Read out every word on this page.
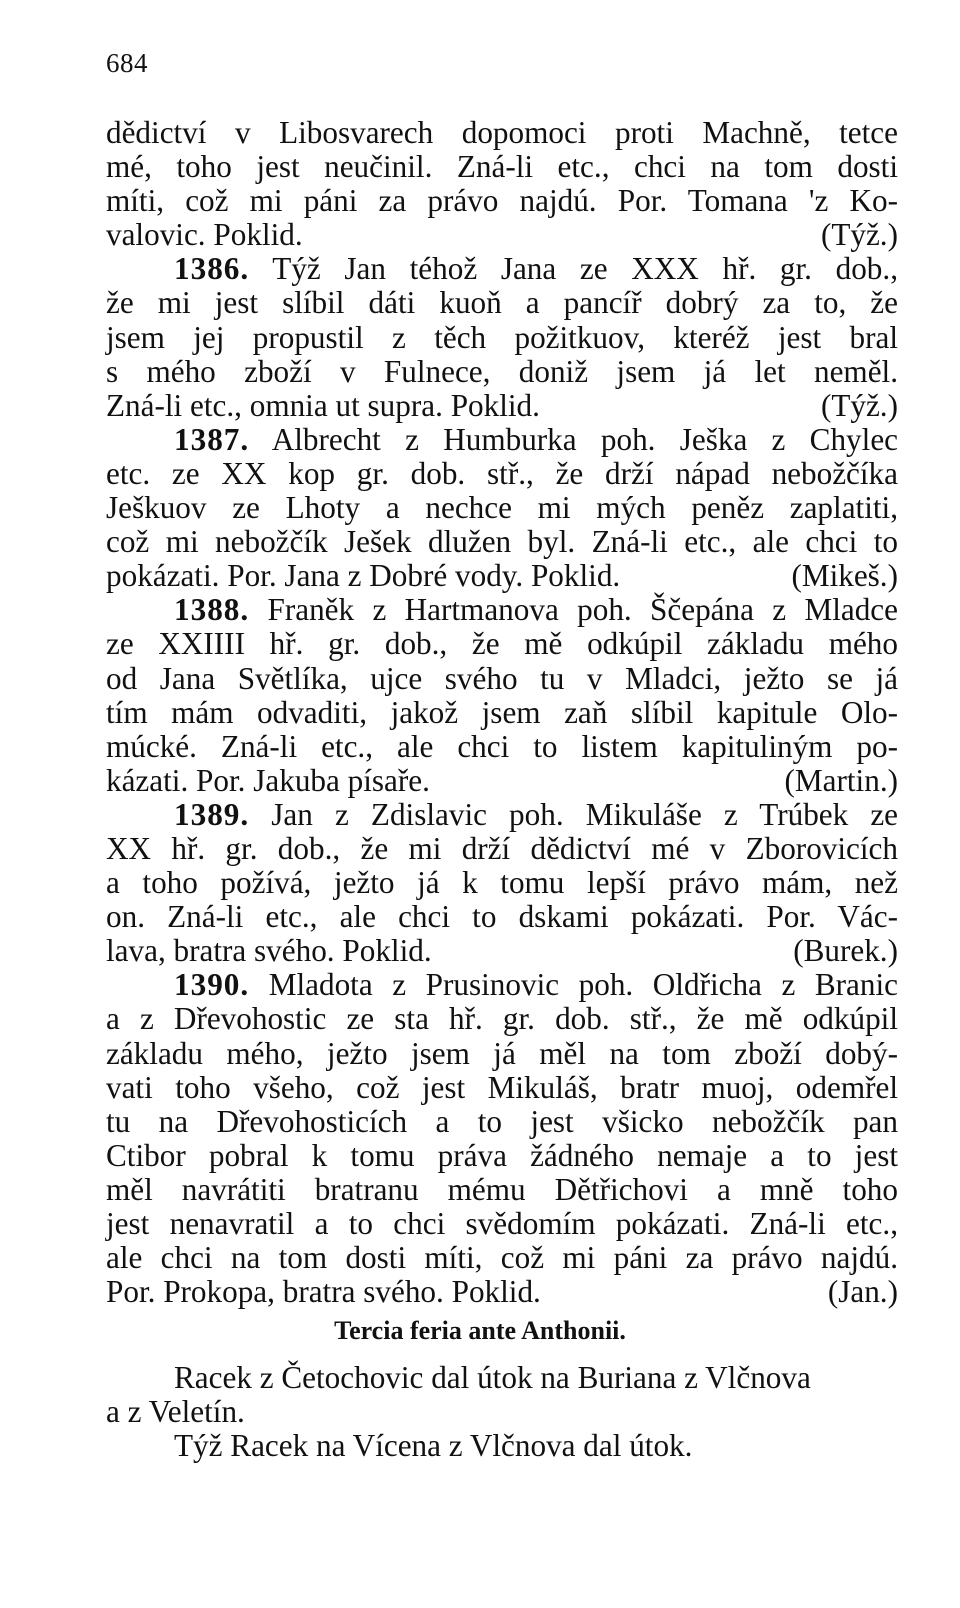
684
dědictví v Libosvarech dopomoci proti Machně, tetce
mé, toho jest neučinil. Zná-li etc., chci na tom dosti
míti, což mi páni za právo najdú. Por. Tomana 'z Ko-
valovic. Poklid.	(Týž.)
1386. Týž Jan téhož Jana ze XXX hř. gr. dob.,
že mi jest slíbil dáti kuoň a pancíř dobrý za to, že
jsem jej propustil z těch požitkuov, kteréž jest bral
s mého zboží v Fulnece, doniž jsem já let neměl.
Zná-li etc., omnia ut supra. Poklid.	(Týž.)
1387. Albrecht z Humburka poh. Ješka z Chylec
etc. ze XX kop gr. dob. stř., že drží nápad nebožčíka
Ješkuov ze Lhoty a nechce mi mých peněz zaplatiti,
což mi nebožčík Ješek dlužen byl. Zná-li etc., ale chci to
pokázati. Por. Jana z Dobré vody. Poklid.	(Mikeš.)
1388. Franěk z Hartmanova poh. Ščepána z Mladce
ze XXIIII hř. gr. dob., že mě odkúpil základu mého
od Jana Světlíka, ujce svého tu v Mladci, ježto se já
tím mám odvaditi, jakož jsem zaň slíbil kapitule Olo-
múcké. Zná-li etc., ale chci to listem kapituliným po-
kázati. Por. Jakuba písaře.	(Martin.)
1389. Jan z Zdislavic poh. Mikuláše z Trúbek ze
XX hř. gr. dob., že mi drží dědictví mé v Zborovicích
a toho požívá, ježto já k tomu lepší právo mám, než
on. Zná-li etc., ale chci to dskami pokázati. Por. Vác-
lava, bratra svého. Poklid.	(Burek.)
1390. Mladota z Prusinovic poh. Oldřicha z Branic
a z Dřevohostic ze sta hř. gr. dob. stř., že mě odkúpil
základu mého, ježto jsem já měl na tom zboží dobý-
vati toho všeho, což jest Mikuláš, bratr muoj, odemřel
tu na Dřevohosticích a to jest všicko nebožčík pan
Ctibor pobral k tomu práva žádného nemaje a to jest
měl navrátiti bratranu mému Dětřichovi a mně toho
jest nenavratil a to chci svědomím pokázati. Zná-li etc.,
ale chci na tom dosti míti, což mi páni za právo najdú.
Por. Prokopa, bratra svého. Poklid.	(Jan.)
Tercia feria ante Anthonii.
Racek z Četochovic dal útok na Buriana z Vlčnova
a z Veletín.
Týž Racek na Vícena z Vlčnova dal útok.
